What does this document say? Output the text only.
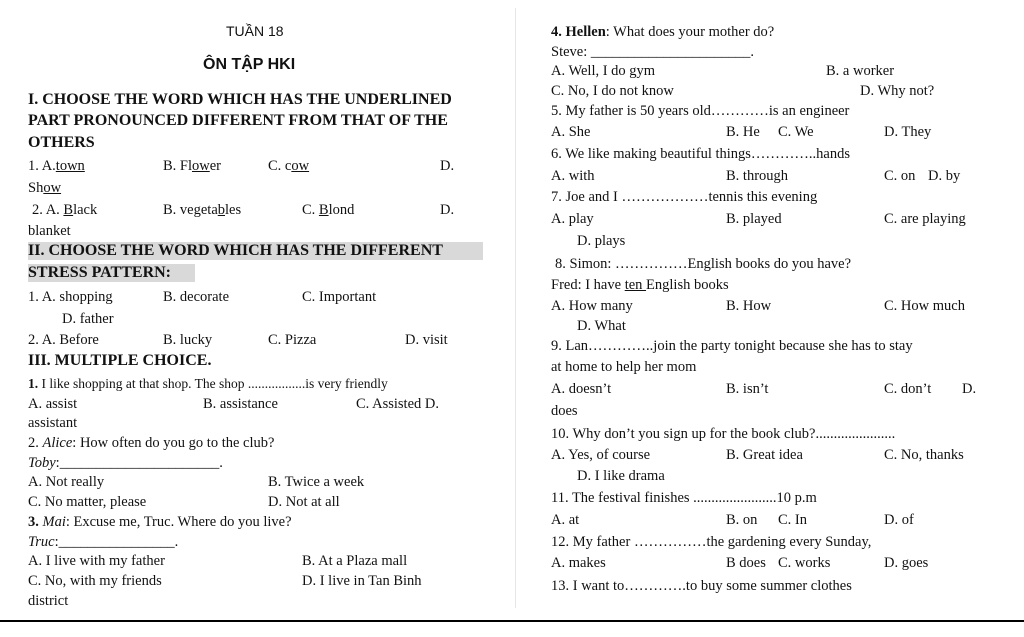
TUẦN 18
ÔN TẬP HKI
I. CHOOSE THE WORD WHICH HAS THE UNDERLINED
PART PRONOUNCED DIFFERENT FROM THAT OF THE
OTHERS
1. A.town	B. Flower	C. cow	D.
Show
2. A. Black	B. vegetables	C. Blond	D.
blanket
II. CHOOSE THE WORD WHICH HAS THE DIFFERENT
STRESS PATTERN:
1. A. shopping	B. decorate	C. Important
D. father
2. A. Before	B. lucky	C. Pizza	D. visit
III. MULTIPLE CHOICE.
1. I like shopping at that shop. The shop .................is very friendly
A. assist	B. assistance	C. Assisted D.
assistant
2. Alice: How often do you go to the club?
Toby:______________________.
A. Not really	B. Twice a week
C. No matter, please	D. Not at all
3. Mai: Excuse me, Truc. Where do you live?
Truc:________________.
A. I live with my father	B. At a Plaza mall
C. No, with my friends	D. I live in Tan Binh
district
4. Hellen: What does your mother do?
Steve: ______________________.
A. Well, I do gym	B. a worker
C. No, I do not know	D. Why not?
5. My father is 50 years old…………is an engineer
A. She	B. He C. We	D. They
6. We like making beautiful things…………..hands
A. with	B. through	C. on D. by
7. Joe and I ………………tennis this evening
A. play	B. played	C. are playing
D. plays
8. Simon: ……………English books do you have?
Fred: I have ten English books
A. How many	B. How	C. How much
D. What
9. Lan…………..join the party tonight because she has to stay
at home to help her mom
A. doesn’t	B. isn’t	C. don’t D.
does
10. Why don’t you sign up for the book club?......................
A. Yes, of course	B. Great idea	C. No, thanks
D. I like drama
11. The festival finishes .......................10 p.m
A. at	B. on C. In	D. of
12. My father ……………the gardening every Sunday,
A. makes	B does C. works	D. goes
13. I want to………….to buy some summer clothes
